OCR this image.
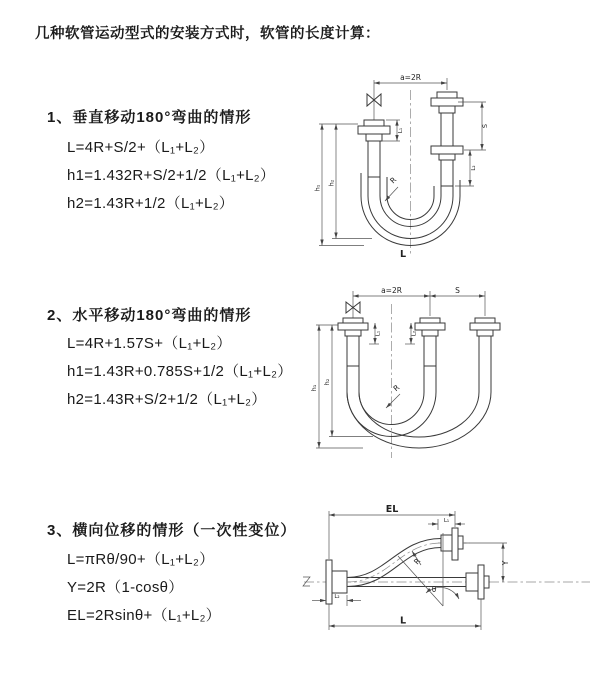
几种软管运动型式的安装方式时，软管的长度计算：
1、垂直移动180°弯曲的情形
L=4R+S/2+（L₁+L₂）
h1=1.432R+S/2+1/2（L₁+L₂）
h2=1.43R+1/2（L₁+L₂）
a=2R
h₁
h₂
L₁
S
L₂
R
L
2、水平移动180°弯曲的情形
L=4R+1.57S+（L₁+L₂）
h1=1.43R+0.785S+1/2（L₁+L₂）
h2=1.43R+S/2+1/2（L₁+L₂）
a=2R	S
h₁
h₂
L₁	L₂
R
3、横向位移的情形（一次性变位）
L=πRθ/90+（L₁+L₂）
Y=2R（1-cosθ）
EL=2Rsinθ+（L₁+L₂）
EL
L₁
Y
θ
R
L
L₂
